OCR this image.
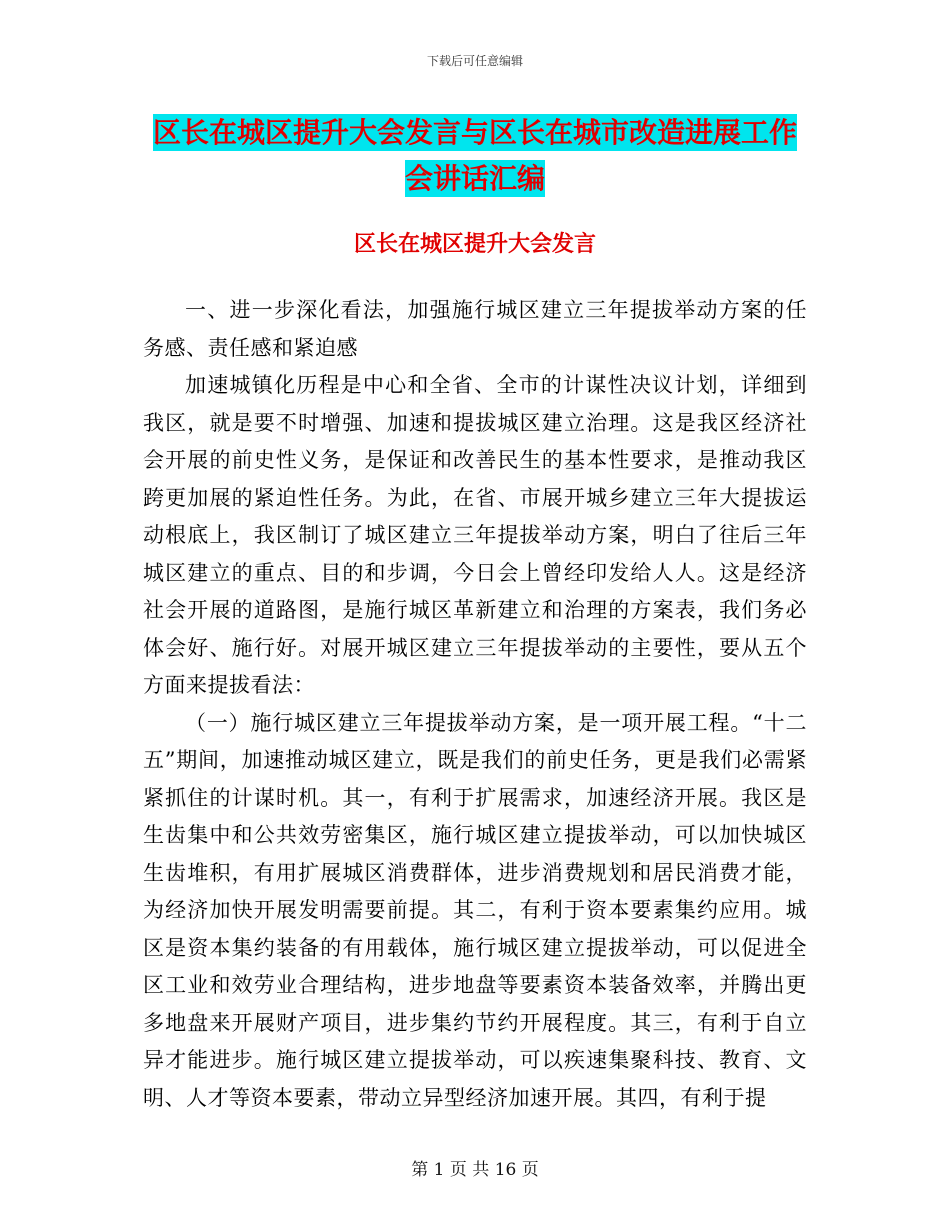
下载后可任意编辑
区长在城区提升大会发言与区长在城市改造进展工作
会讲话汇编
区长在城区提升大会发言

一、进一步深化看法，加强施行城区建立三年提拔举动方案的任务感、责任感和紧迫感

加速城镇化历程是中心和全省、全市的计谋性决议计划，详细到我区，就是要不时增强、加速和提拔城区建立治理。这是我区经济社会开展的前史性义务，是保证和改善民生的基本性要求，是推动我区跨更加展的紧迫性任务。为此，在省、市展开城乡建立三年大提拔运动根底上，我区制订了城区建立三年提拔举动方案，明白了往后三年城区建立的重点、目的和步调，今日会上曾经印发给人人。这是经济社会开展的道路图，是施行城区革新建立和治理的方案表，我们务必体会好、施行好。对展开城区建立三年提拔举动的主要性，要从五个方面来提拔看法：

（一）施行城区建立三年提拔举动方案，是一项开展工程。“十二五”期间，加速推动城区建立，既是我们的前史任务，更是我们必需紧紧抓住的计谋时机。其一，有利于扩展需求，加速经济开展。我区是生齿集中和公共效劳密集区，施行城区建立提拔举动，可以加快城区生齿堆积，有用扩展城区消费群体，进步消费规划和居民消费才能，为经济加快开展发明需要前提。其二，有利于资本要素集约应用。城区是资本集约装备的有用载体，施行城区建立提拔举动，可以促进全区工业和效劳业合理结构，进步地盘等要素资本装备效率，并腾出更多地盘来开展财产项目，进步集约节约开展程度。其三，有利于自立异才能进步。施行城区建立提拔举动，可以疾速集聚科技、教育、文明、人才等资本要素，带动立异型经济加速开展。其四，有利于提

第 1 页 共 16 页
